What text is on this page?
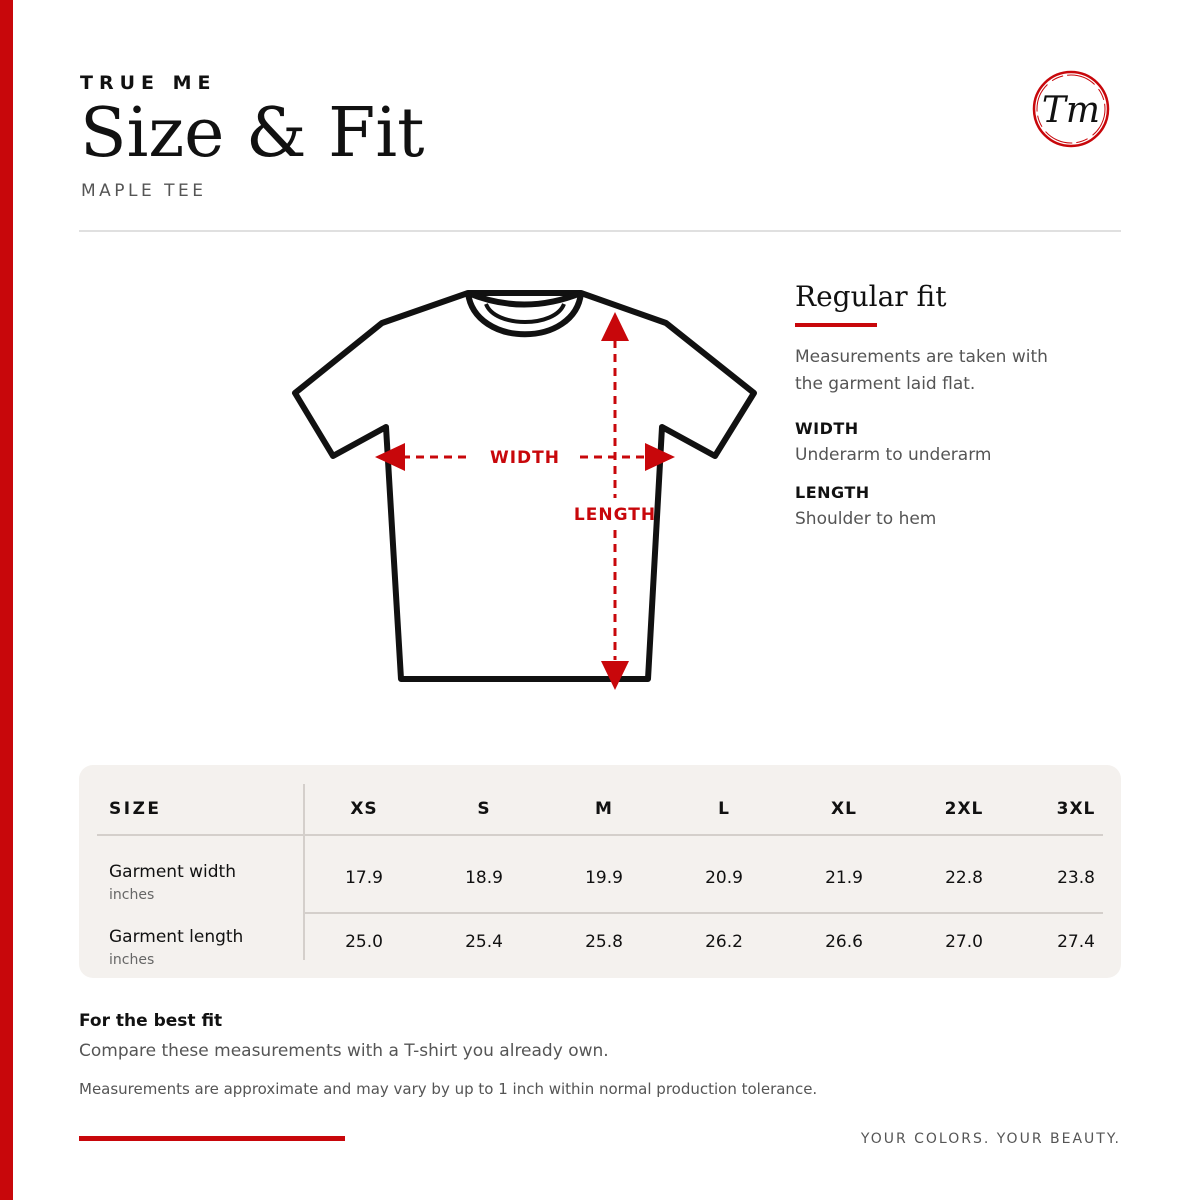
TRUE ME
Size & Fit
MAPLE TEE
Tm
WIDTH
LENGTH
Regular fit
Measurements are taken with the garment laid flat.
WIDTH
Underarm to underarm
LENGTH
Shoulder to hem
SIZE	XS	S	M	L	XL	2XL	3XL
Garment width
inches
17.9	18.9	19.9	20.9	21.9	22.8	23.8
Garment length
inches
25.0	25.4	25.8	26.2	26.6	27.0	27.4
For the best fit
Compare these measurements with a T-shirt you already own.
Measurements are approximate and may vary by up to 1 inch within normal production tolerance.
YOUR COLORS. YOUR BEAUTY.
